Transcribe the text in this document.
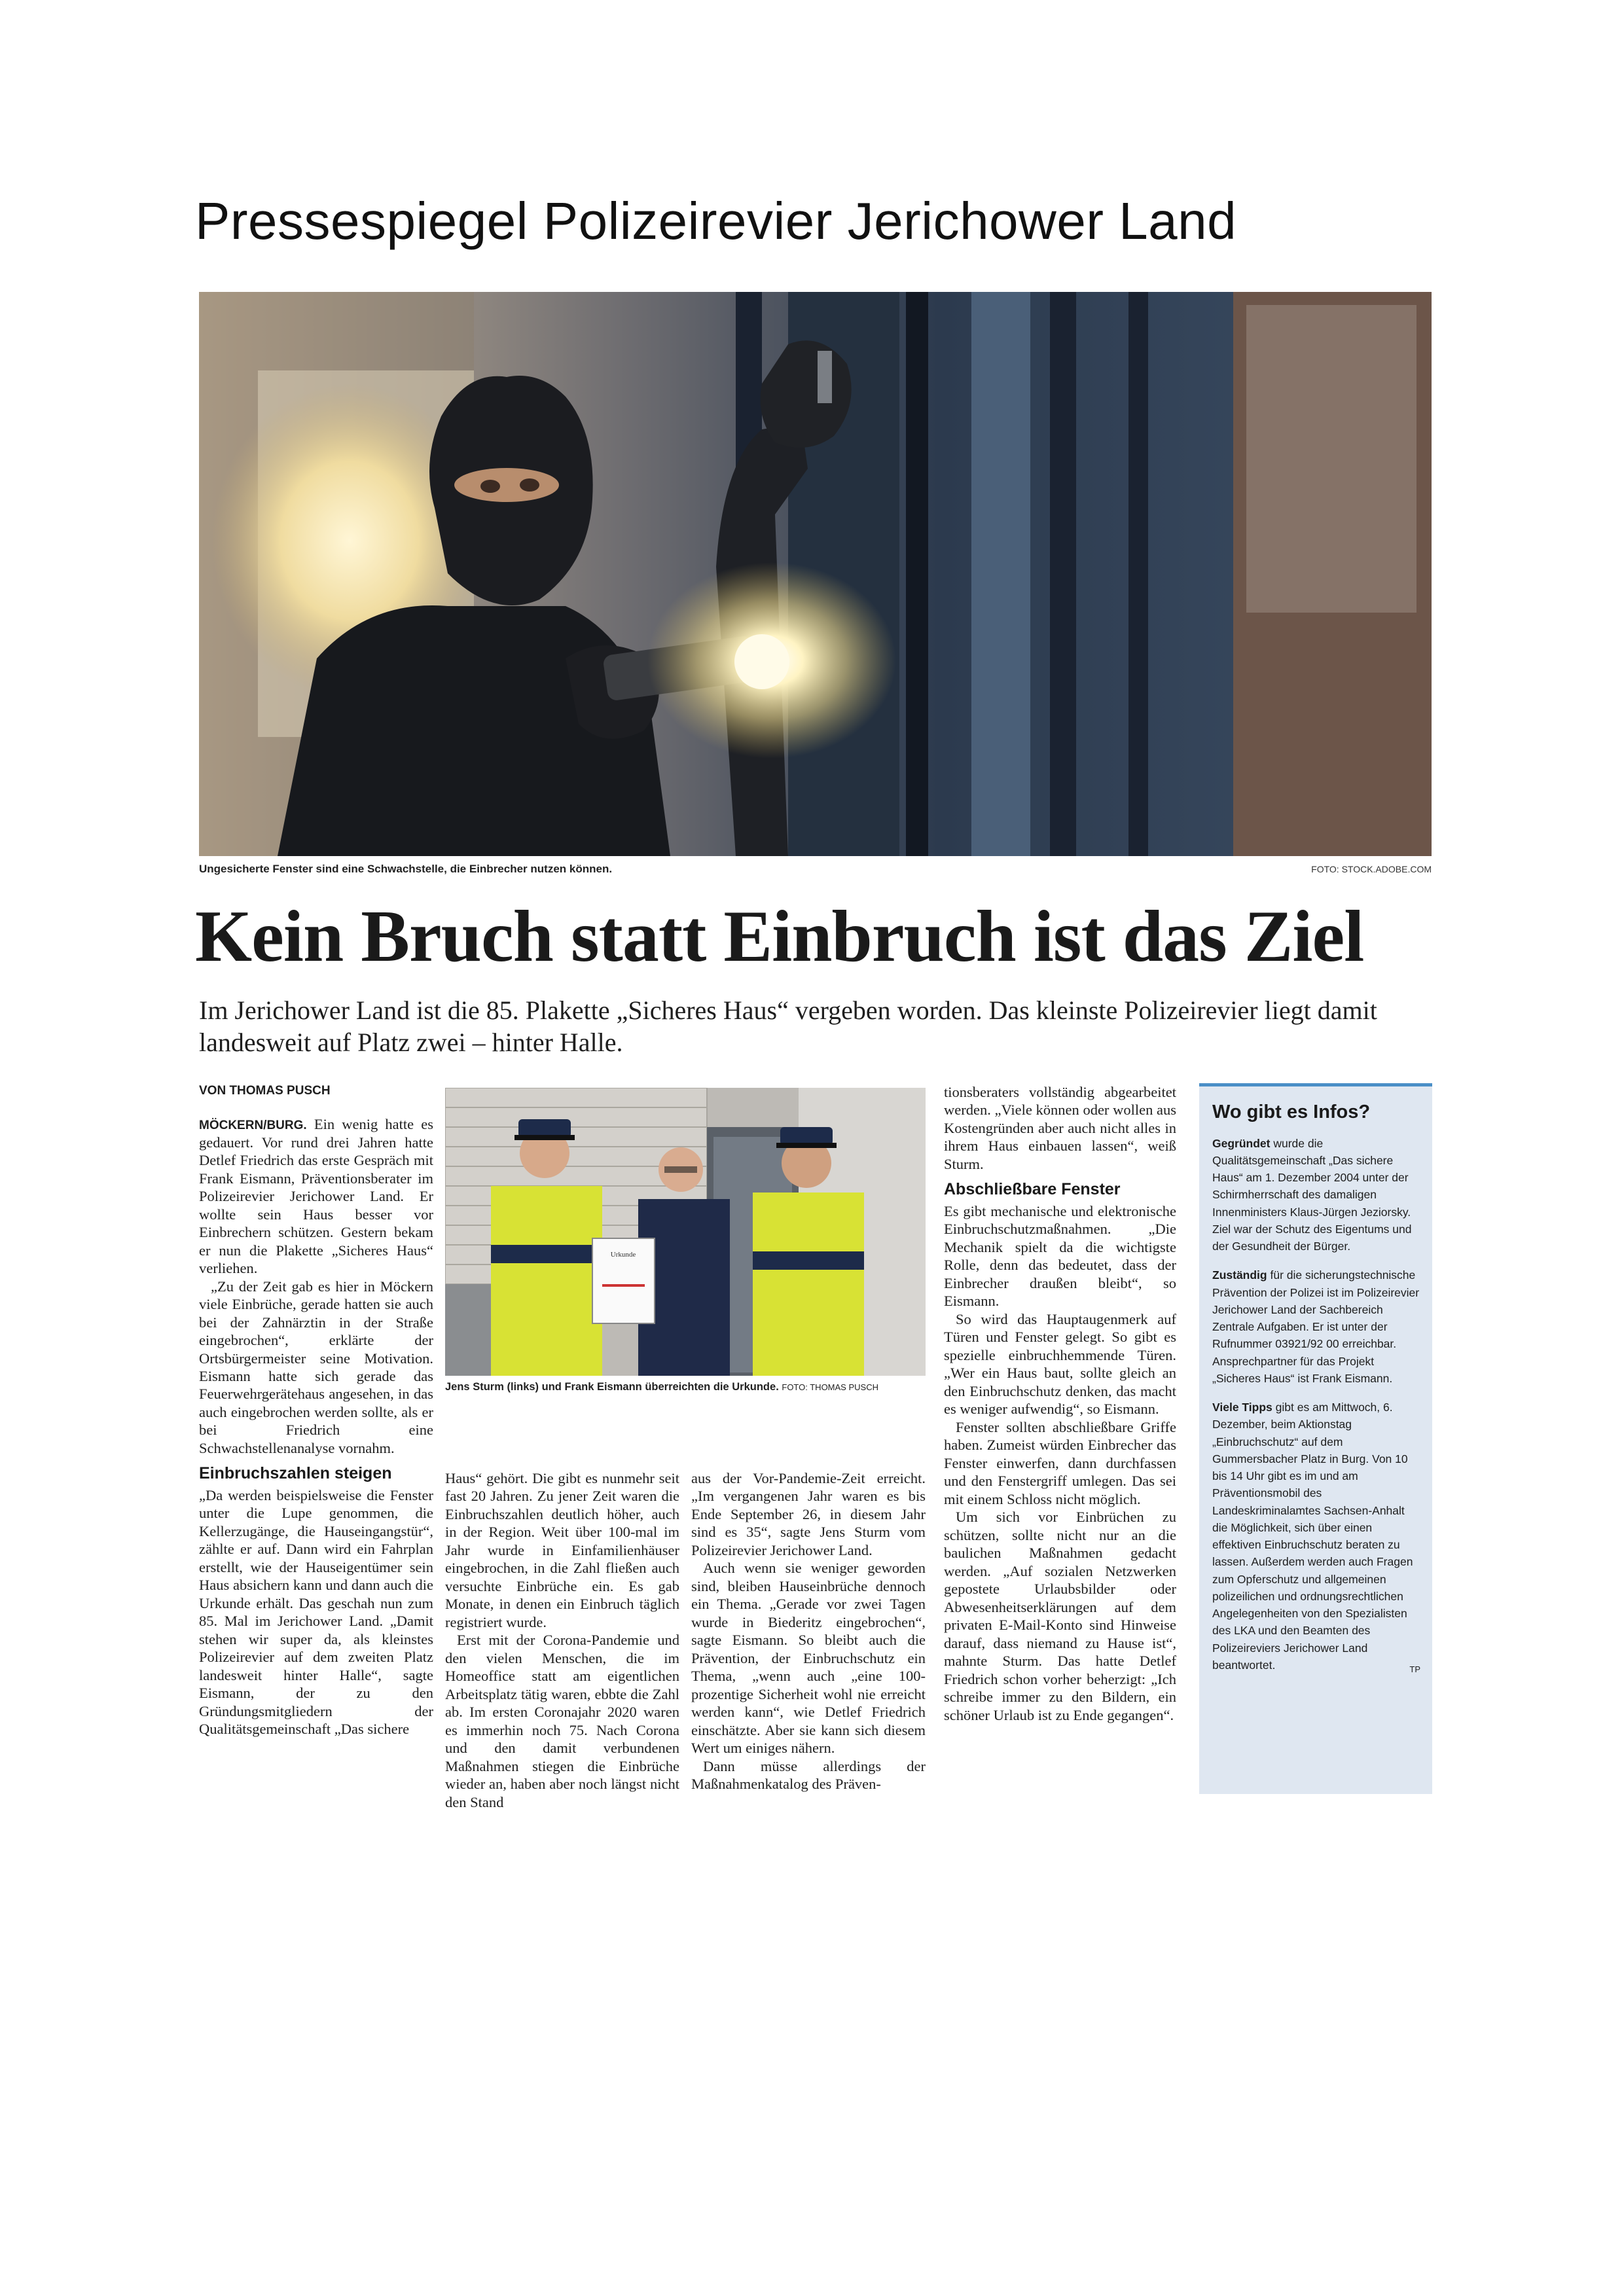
Pressespiegel Polizeirevier Jerichower Land
Ungesicherte Fenster sind eine Schwachstelle, die Einbrecher nutzen können.	FOTO: STOCK.ADOBE.COM
Kein Bruch statt Einbruch ist das Ziel
Im Jerichower Land ist die 85. Plakette „Sicheres Haus“ vergeben worden. Das kleinste Polizeirevier liegt damit landesweit auf Platz zwei – hinter Halle.
VON THOMAS PUSCH

MÖCKERN/BURG. Ein wenig hatte es gedauert. Vor rund drei Jahren hatte Detlef Friedrich das erste Gespräch mit Frank Eismann, Präventionsberater im Polizeirevier Jerichower Land. Er wollte sein Haus besser vor Einbrechern schützen. Gestern bekam er nun die Plakette „Sicheres Haus“ verliehen.

„Zu der Zeit gab es hier in Möckern viele Einbrüche, gerade hatten sie auch bei der Zahnärztin in der Straße eingebrochen“, erklärte der Ortsbürgermeister seine Motivation. Eismann hatte sich gerade das Feuerwehrgerätehaus angesehen, in das auch eingebrochen werden sollte, als er bei Friedrich eine Schwachstellenanalyse vornahm.

Einbruchszahlen steigen

„Da werden beispielsweise die Fenster unter die Lupe genommen, die Kellerzugänge, die Hauseingangstür“, zählte er auf. Dann wird ein Fahrplan erstellt, wie der Hauseigentümer sein Haus absichern kann und dann auch die Urkunde erhält. Das geschah nun zum 85. Mal im Jerichower Land. „Damit stehen wir super da, als kleinstes Polizeirevier auf dem zweiten Platz landesweit hinter Halle“, sagte Eismann, der zu den Gründungsmitgliedern der Qualitätsgemeinschaft „Das sichere

Urkunde
Jens Sturm (links) und Frank Eismann überreichten die Urkunde. FOTO: THOMAS PUSCH

Haus“ gehört. Die gibt es nunmehr seit fast 20 Jahren. Zu jener Zeit waren die Einbruchszahlen deutlich höher, auch in der Region. Weit über 100-mal im Jahr wurde in Einfamilienhäuser eingebrochen, in die Zahl fließen auch versuchte Einbrüche ein. Es gab Monate, in denen ein Einbruch täglich registriert wurde.

Erst mit der Corona-Pandemie und den vielen Menschen, die im Homeoffice statt am eigentlichen Arbeitsplatz tätig waren, ebbte die Zahl ab. Im ersten Coronajahr 2020 waren es immerhin noch 75. Nach Corona und den damit verbundenen Maßnahmen stiegen die Einbrüche wieder an, haben aber noch längst nicht den Stand

aus der Vor-Pandemie-Zeit erreicht. „Im vergangenen Jahr waren es bis Ende September 26, in diesem Jahr sind es 35“, sagte Jens Sturm vom Polizeirevier Jerichower Land.

Auch wenn sie weniger geworden sind, bleiben Hauseinbrüche dennoch ein Thema. „Gerade vor zwei Tagen wurde in Biederitz eingebrochen“, sagte Eismann. So bleibt auch die Prävention, der Einbruchschutz ein Thema, „wenn auch „eine 100-prozentige Sicherheit wohl nie erreicht werden kann“, wie Detlef Friedrich einschätzte. Aber sie kann sich diesem Wert um einiges nähern.

Dann müsse allerdings der Maßnahmenkatalog des Präven-

tionsberaters vollständig abgearbeitet werden. „Viele können oder wollen aus Kostengründen aber auch nicht alles in ihrem Haus einbauen lassen“, weiß Sturm.

Abschließbare Fenster

Es gibt mechanische und elektronische Einbruchschutzmaßnahmen. „Die Mechanik spielt da die wichtigste Rolle, denn das bedeutet, dass der Einbrecher draußen bleibt“, so Eismann.

So wird das Hauptaugenmerk auf Türen und Fenster gelegt. So gibt es spezielle einbruchhemmende Türen. „Wer ein Haus baut, sollte gleich an den Einbruchschutz denken, das macht es weniger aufwendig“, so Eismann.

Fenster sollten abschließbare Griffe haben. Zumeist würden Einbrecher das Fenster einwerfen, dann durchfassen und den Fenstergriff umlegen. Das sei mit einem Schloss nicht möglich.

Um sich vor Einbrüchen zu schützen, sollte nicht nur an die baulichen Maßnahmen gedacht werden. „Auf sozialen Netzwerken gepostete Urlaubsbilder oder Abwesenheitserklärungen auf dem privaten E-Mail-Konto sind Hinweise darauf, dass niemand zu Hause ist“, mahnte Sturm. Das hatte Detlef Friedrich schon vorher beherzigt: „Ich schreibe immer zu den Bildern, ein schöner Urlaub ist zu Ende gegangen“.

Wo gibt es Infos?

Gegründet wurde die Qualitätsgemeinschaft „Das sichere Haus“ am 1. Dezember 2004 unter der Schirmherrschaft des damaligen Innenministers Klaus-Jürgen Jeziorsky. Ziel war der Schutz des Eigentums und der Gesundheit der Bürger.

Zuständig für die sicherungstechnische Prävention der Polizei ist im Polizeirevier Jerichower Land der Sachbereich Zentrale Aufgaben. Er ist unter der Rufnummer 03921/92 00 erreichbar. Ansprechpartner für das Projekt „Sicheres Haus“ ist Frank Eismann.

Viele Tipps gibt es am Mittwoch, 6. Dezember, beim Aktionstag „Einbruchschutz“ auf dem Gummersbacher Platz in Burg. Von 10 bis 14 Uhr gibt es im und am Präventionsmobil des Landeskriminalamtes Sachsen-Anhalt die Möglichkeit, sich über einen effektiven Einbruchschutz beraten zu lassen. Außerdem werden auch Fragen zum Opferschutz und allgemeinen polizeilichen und ordnungsrechtlichen Angelegenheiten von den Spezialisten des LKA und den Beamten des Polizeireviers Jerichower Land beantwortet.	TP
